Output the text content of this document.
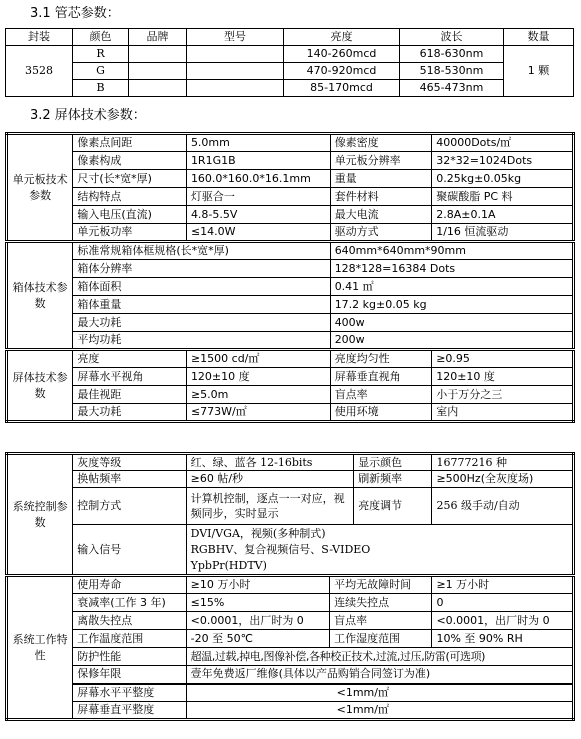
3.1 管芯参数：
封装	颜色	品牌	型号	亮度	波长	数量
3528	R			140-260mcd	618-630nm	1 颗
	G			470-920mcd	518-530nm	
	B			85-170mcd	465-473nm	
3.2 屏体技术参数：
单元板技术参数	像素点间距	5.0mm	像素密度	40000Dots/㎡
	像素构成	1R1G1B	单元板分辨率	32*32=1024Dots
	尺寸(长*宽*厚)	160.0*160.0*16.1mm	重量	0.25kg±0.05kg
	结构特点	灯驱合一	套件材料	聚碳酸脂 PC 料
	输入电压(直流)	4.8-5.5V	最大电流	2.8A±0.1A
	单元板功率	≤14.0W	驱动方式	1/16 恒流驱动
箱体技术参数	标准常规箱体框规格(长*宽*厚)		640mm*640mm*90mm	
	箱体分辨率		128*128=16384 Dots	
	箱体面积		0.41 ㎡	
	箱体重量		17.2 kg±0.05 kg	
	最大功耗		400w	
	平均功耗		200w	
屏体技术参数	亮度	≥1500 cd/㎡	亮度均匀性	≥0.95
	屏幕水平视角	120±10 度	屏幕垂直视角	120±10 度
	最佳视距	≥5.0m	盲点率	小于万分之三
	最大功耗	≤773W/㎡	使用环境	室内
系统控制参数	灰度等级	红、绿、蓝各 12-16bits		显示颜色	16777216 种
	换帖频率	≥60 帖/秒		刷新频率	≥500Hz(全灰度场)
	控制方式	计算机控制，逐点一一对应，视频同步，实时显示		亮度调节	256 级手动/自动
	输入信号	DVI/VGA，视频(多种制式)
RGBHV、复合视频信号、S-VIDEO
YpbPr(HDTV)			

系统工作特性	使用寿命	≥10 万小时	平均无故障时间		≥1 万小时
	衰减率(工作 3 年)	≤15%	连续失控点		0
	离散失控点	<0.0001，出厂时为 0	盲点率		<0.0001，出厂时为 0
	工作温度范围	-20 至 50℃	工作湿度范围		10% 至 90% RH
	防护性能	超温,过载,掉电,图像补偿,各种校正技术,过流,过压,防雷(可选项)			
	保修年限	壹年免费返厂维修(具体以产品购销合同签订为准)			
	屏幕水平平整度	<1mm/㎡			
	屏幕垂直平整度	<1mm/㎡			
